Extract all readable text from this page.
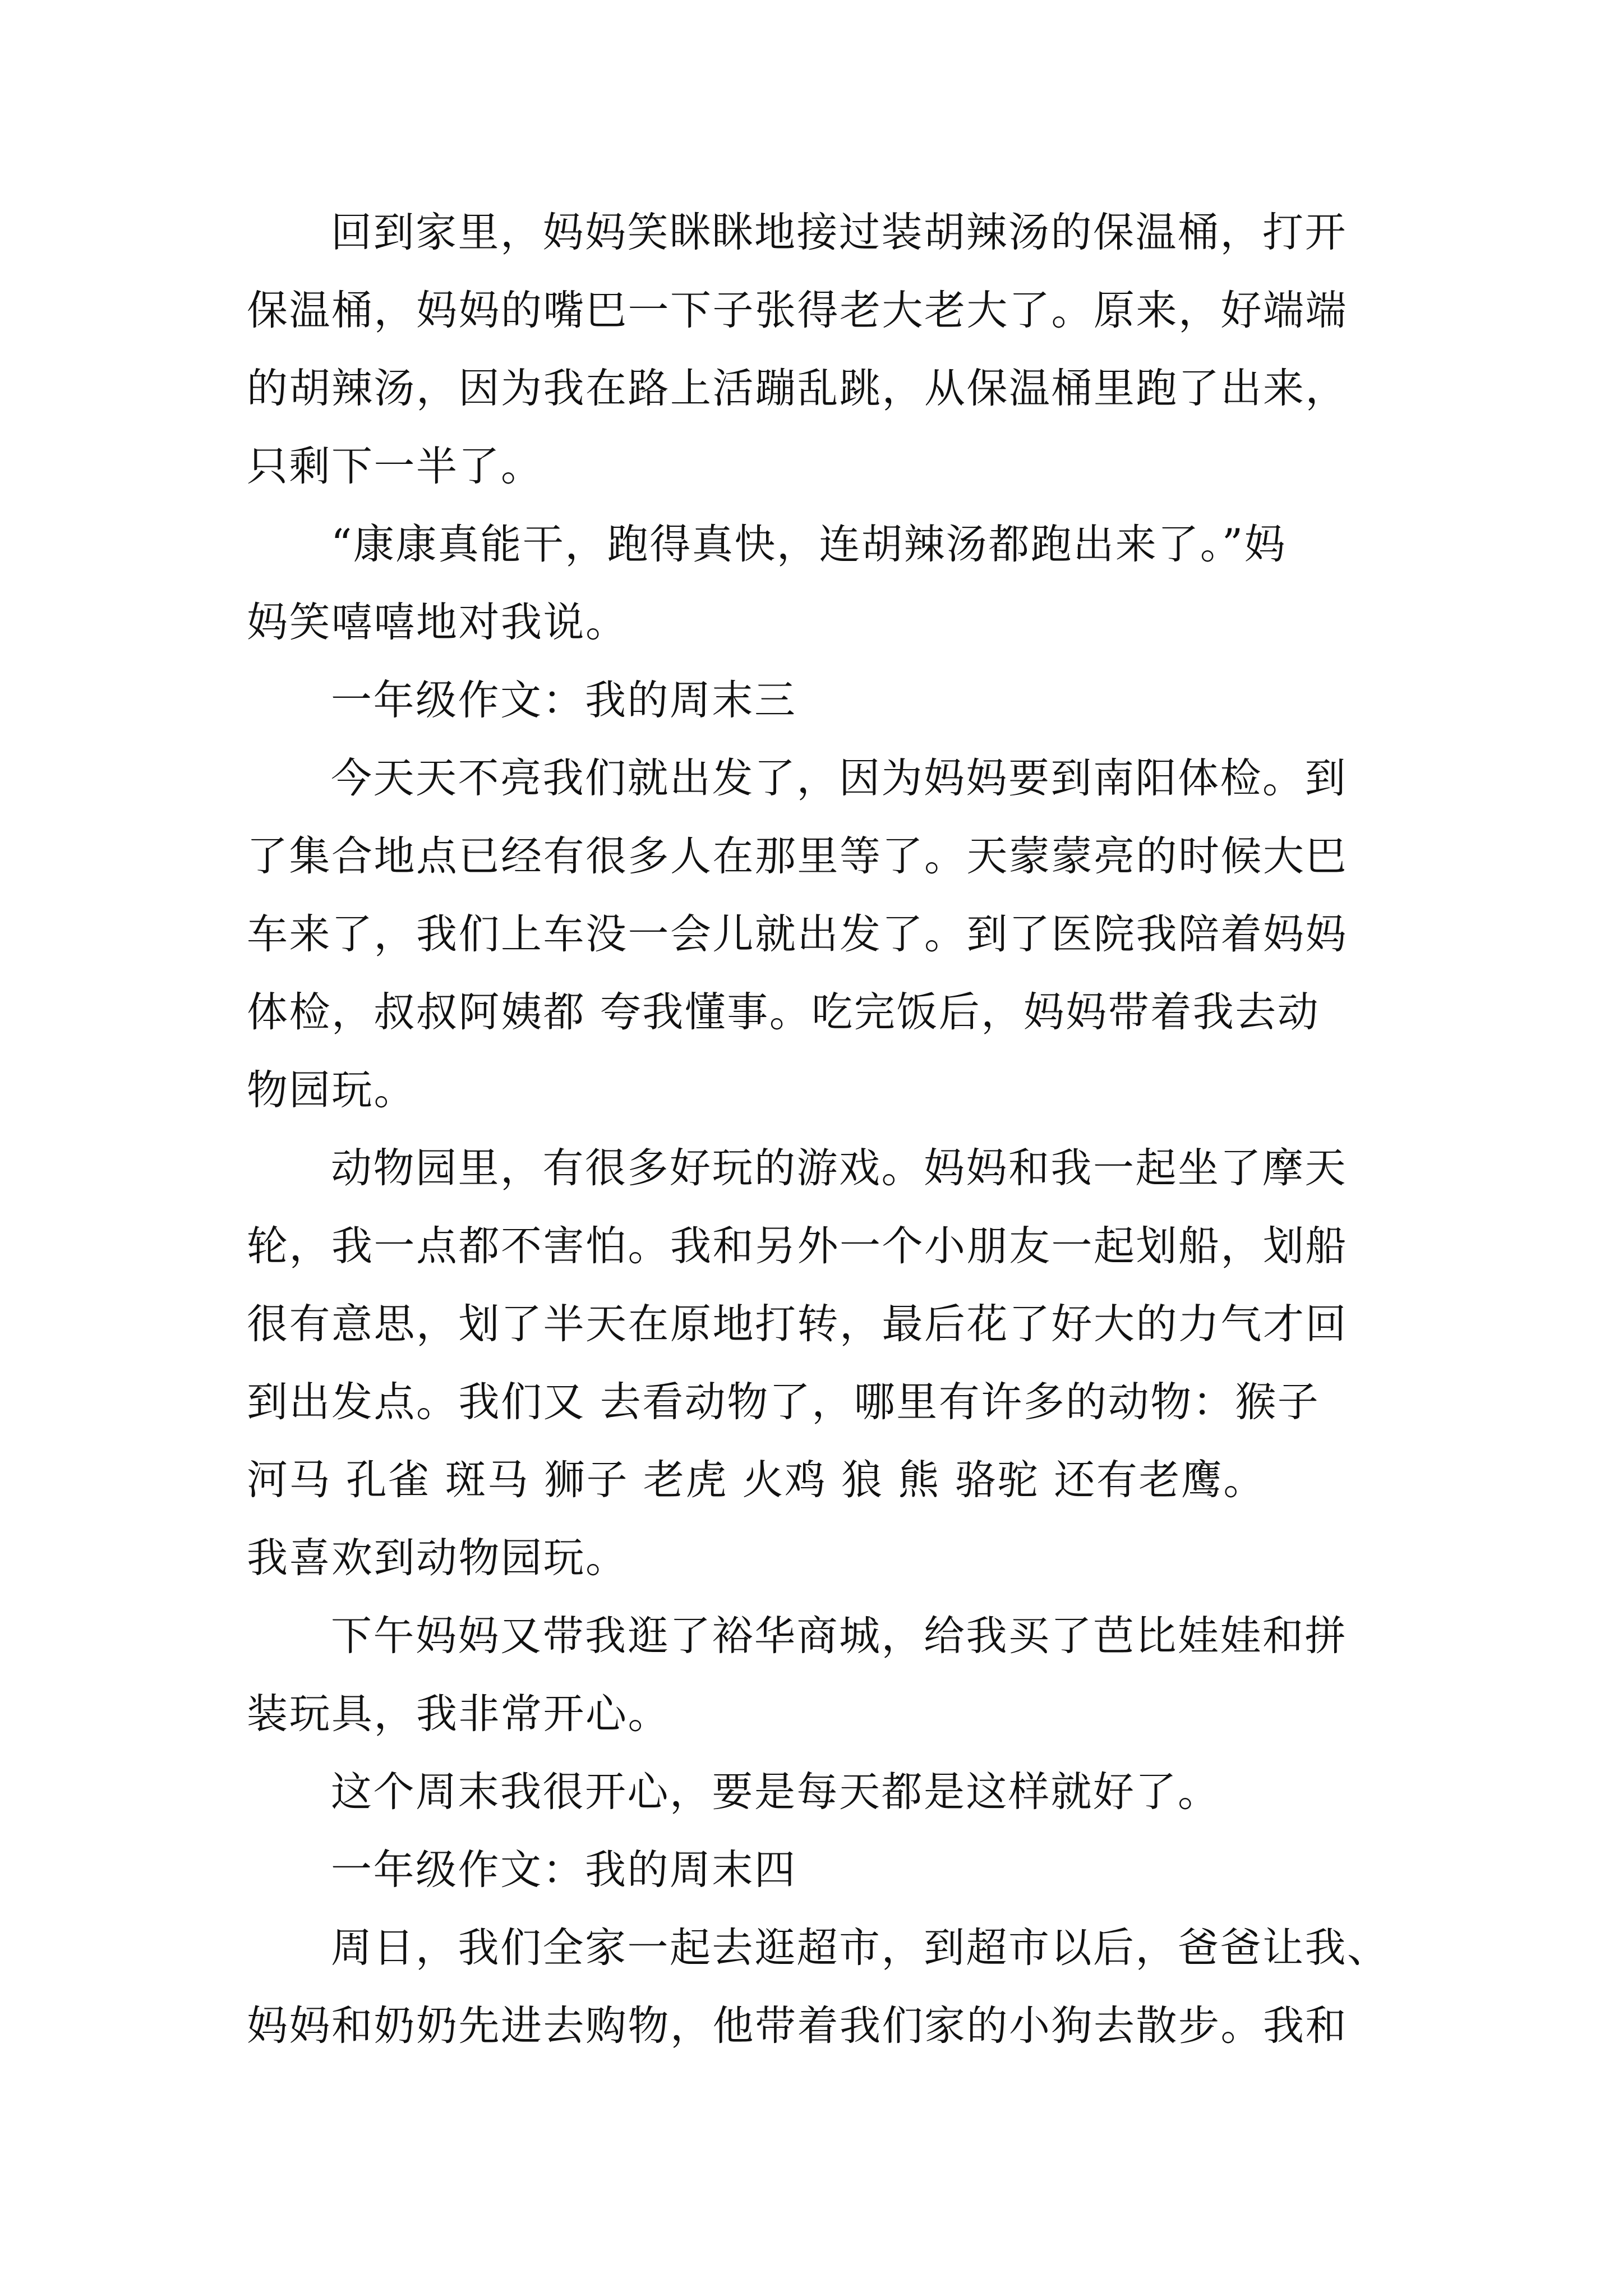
回到家里，妈妈笑眯眯地接过装胡辣汤的保温桶，打开
保温桶，妈妈的嘴巴一下子张得老大老大了。原来，好端端
的胡辣汤，因为我在路上活蹦乱跳，从保温桶里跑了出来，
只剩下一半了。
“康康真能干，跑得真快，连胡辣汤都跑出来了。”妈
妈笑嘻嘻地对我说。
一年级作文：我的周末三
今天天不亮我们就出发了，因为妈妈要到南阳体检。到
了集合地点已经有很多人在那里等了。天蒙蒙亮的时候大巴
车来了，我们上车没一会儿就出发了。到了医院我陪着妈妈
体检，叔叔阿姨都 夸我懂事。吃完饭后，妈妈带着我去动
物园玩。
动物园里，有很多好玩的游戏。妈妈和我一起坐了摩天
轮，我一点都不害怕。我和另外一个小朋友一起划船，划船
很有意思，划了半天在原地打转，最后花了好大的力气才回
到出发点。我们又 去看动物了，哪里有许多的动物：猴子
河马 孔雀 斑马 狮子 老虎 火鸡 狼 熊 骆驼 还有老鹰。
我喜欢到动物园玩。
下午妈妈又带我逛了裕华商城，给我买了芭比娃娃和拼
装玩具，我非常开心。
这个周末我很开心，要是每天都是这样就好了。
一年级作文：我的周末四
周日，我们全家一起去逛超市，到超市以后，爸爸让我、
妈妈和奶奶先进去购物，他带着我们家的小狗去散步。我和
